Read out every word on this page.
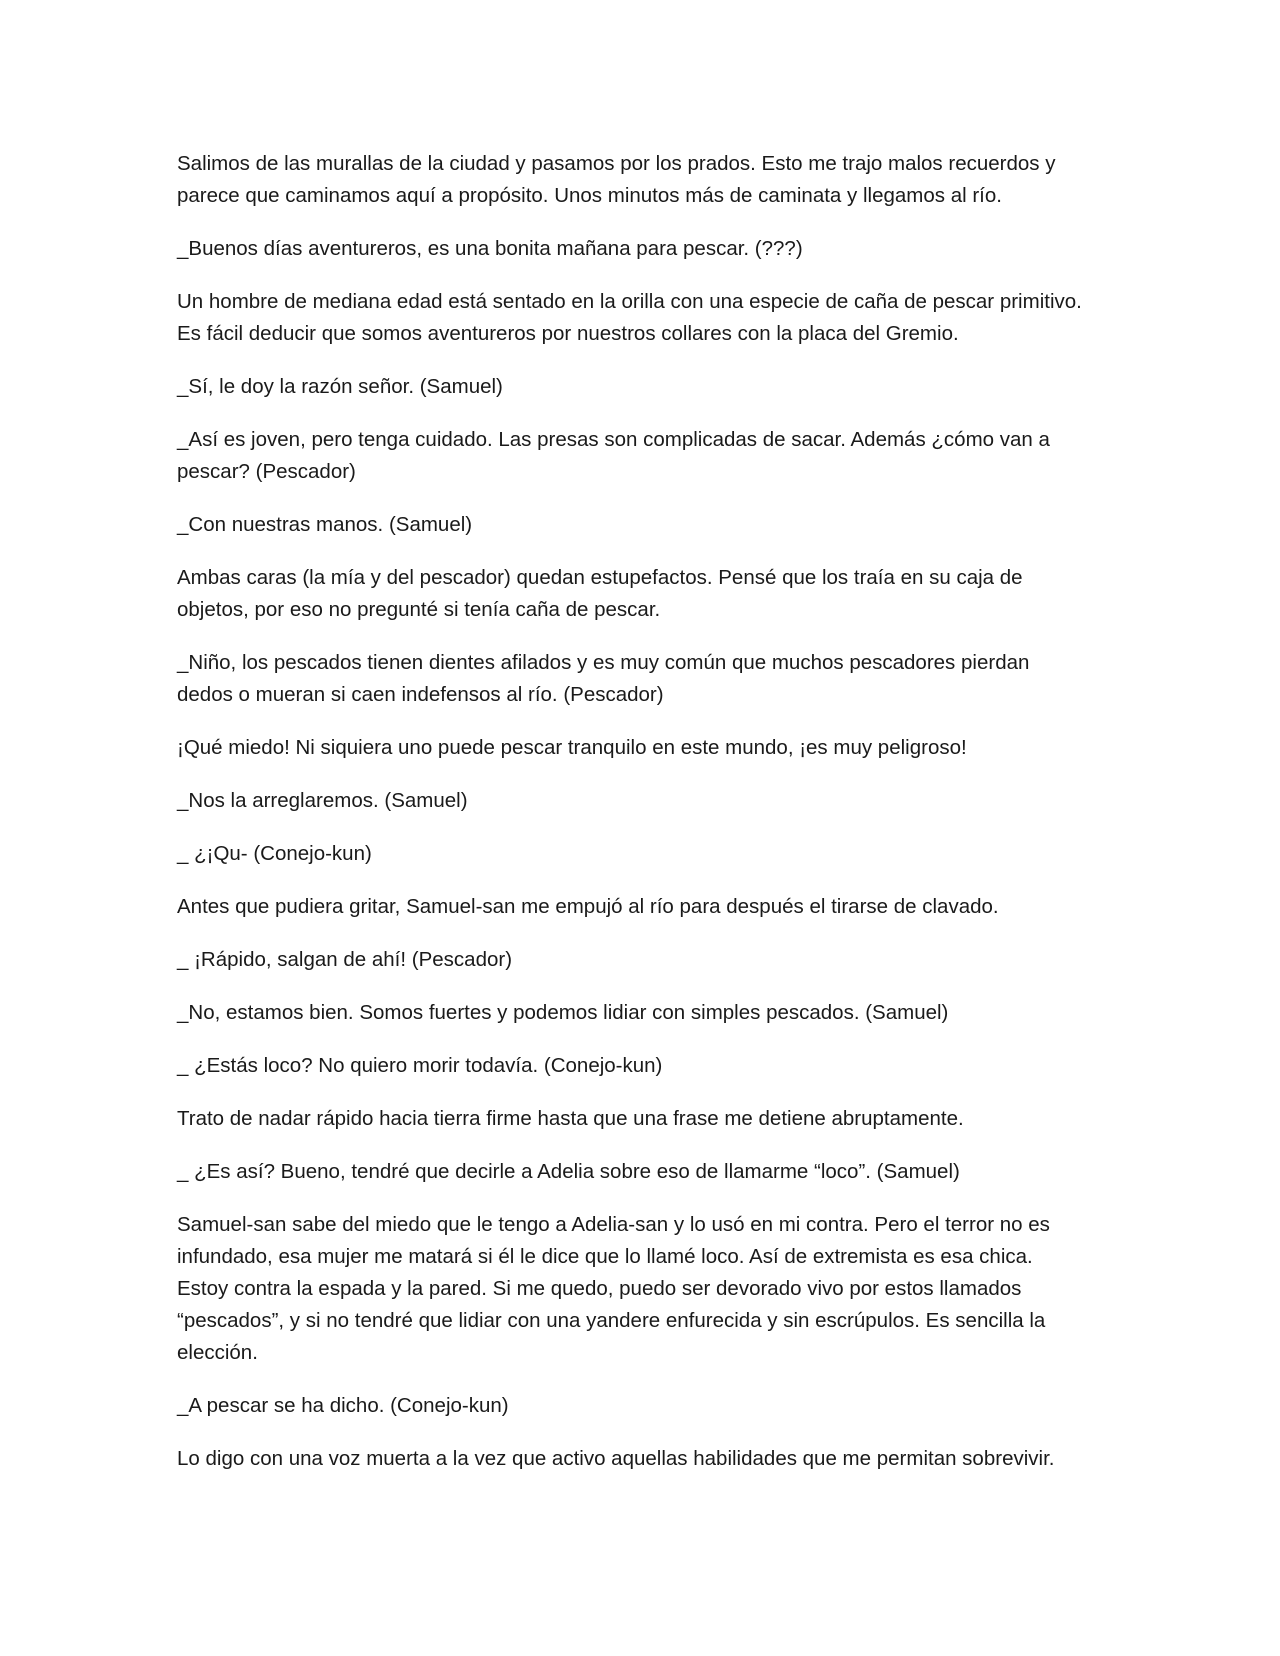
Salimos de las murallas de la ciudad y pasamos por los prados. Esto me trajo malos recuerdos y parece que caminamos aquí a propósito. Unos minutos más de caminata y llegamos al río.

_Buenos días aventureros, es una bonita mañana para pescar. (???)

Un hombre de mediana edad está sentado en la orilla con una especie de caña de pescar primitivo. Es fácil deducir que somos aventureros por nuestros collares con la placa del Gremio.

_Sí, le doy la razón señor. (Samuel)

_Así es joven, pero tenga cuidado. Las presas son complicadas de sacar. Además ¿cómo van a pescar? (Pescador)

_Con nuestras manos. (Samuel)

Ambas caras (la mía y del pescador) quedan estupefactos. Pensé que los traía en su caja de objetos, por eso no pregunté si tenía caña de pescar.

_Niño, los pescados tienen dientes afilados y es muy común que muchos pescadores pierdan dedos o mueran si caen indefensos al río. (Pescador)

¡Qué miedo! Ni siquiera uno puede pescar tranquilo en este mundo, ¡es muy peligroso!

_Nos la arreglaremos. (Samuel)

_ ¿¡Qu- (Conejo-kun)

Antes que pudiera gritar, Samuel-san me empujó al río para después el tirarse de clavado.

_ ¡Rápido, salgan de ahí! (Pescador)

_No, estamos bien. Somos fuertes y podemos lidiar con simples pescados. (Samuel)

_ ¿Estás loco? No quiero morir todavía. (Conejo-kun)

Trato de nadar rápido hacia tierra firme hasta que una frase me detiene abruptamente.

_ ¿Es así? Bueno, tendré que decirle a Adelia sobre eso de llamarme “loco”. (Samuel)

Samuel-san sabe del miedo que le tengo a Adelia-san y lo usó en mi contra. Pero el terror no es infundado, esa mujer me matará si él le dice que lo llamé loco. Así de extremista es esa chica. Estoy contra la espada y la pared. Si me quedo, puedo ser devorado vivo por estos llamados “pescados”, y si no tendré que lidiar con una yandere enfurecida y sin escrúpulos. Es sencilla la elección.

_A pescar se ha dicho. (Conejo-kun)

Lo digo con una voz muerta a la vez que activo aquellas habilidades que me permitan sobrevivir.
